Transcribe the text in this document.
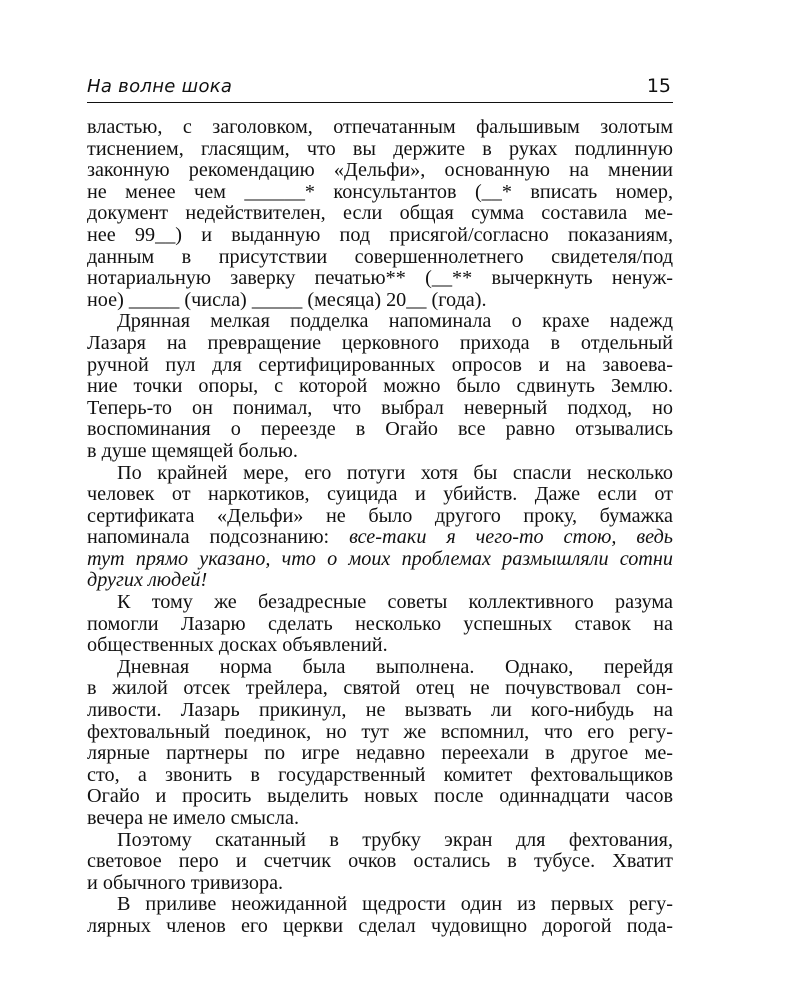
На волне шока	15

властью, с заголовком, отпечатанным фальшивым золотым

тиснением, гласящим, что вы держите в руках подлинную

законную рекомендацию «Дельфи», основанную на мнении

не менее чем ______* консультантов (__* вписать номер,

документ недействителен, если общая сумма составила ме-

нее 99__) и выданную под присягой/согласно показаниям,

данным в присутствии совершеннолетнего свидетеля/под

нотариальную заверку печатью** (__** вычеркнуть ненуж-

ное) _____ (числа) _____ (месяца) 20__ (года).

Дрянная мелкая подделка напоминала о крахе надежд

Лазаря на превращение церковного прихода в отдельный

ручной пул для сертифицированных опросов и на завоева-

ние точки опоры, с которой можно было сдвинуть Землю.

Теперь-то он понимал, что выбрал неверный подход, но

воспоминания о переезде в Огайо все равно отзывались

в душе щемящей болью.

По крайней мере, его потуги хотя бы спасли несколько

человек от наркотиков, суицида и убийств. Даже если от

сертификата «Дельфи» не было другого проку, бумажка

напоминала подсознанию: все-таки я чего-то стою, ведь

тут прямо указано, что о моих проблемах размышляли сотни

других людей!

К тому же безадресные советы коллективного разума

помогли Лазарю сделать несколько успешных ставок на

общественных досках объявлений.

Дневная норма была выполнена. Однако, перейдя

в жилой отсек трейлера, святой отец не почувствовал сон-

ливости. Лазарь прикинул, не вызвать ли кого-нибудь на

фехтовальный поединок, но тут же вспомнил, что его регу-

лярные партнеры по игре недавно переехали в другое ме-

сто, а звонить в государственный комитет фехтовальщиков

Огайо и просить выделить новых после одиннадцати часов

вечера не имело смысла.

Поэтому скатанный в трубку экран для фехтования,

световое перо и счетчик очков остались в тубусе. Хватит

и обычного тривизора.

В приливе неожиданной щедрости один из первых регу-

лярных членов его церкви сделал чудовищно дорогой пода-
